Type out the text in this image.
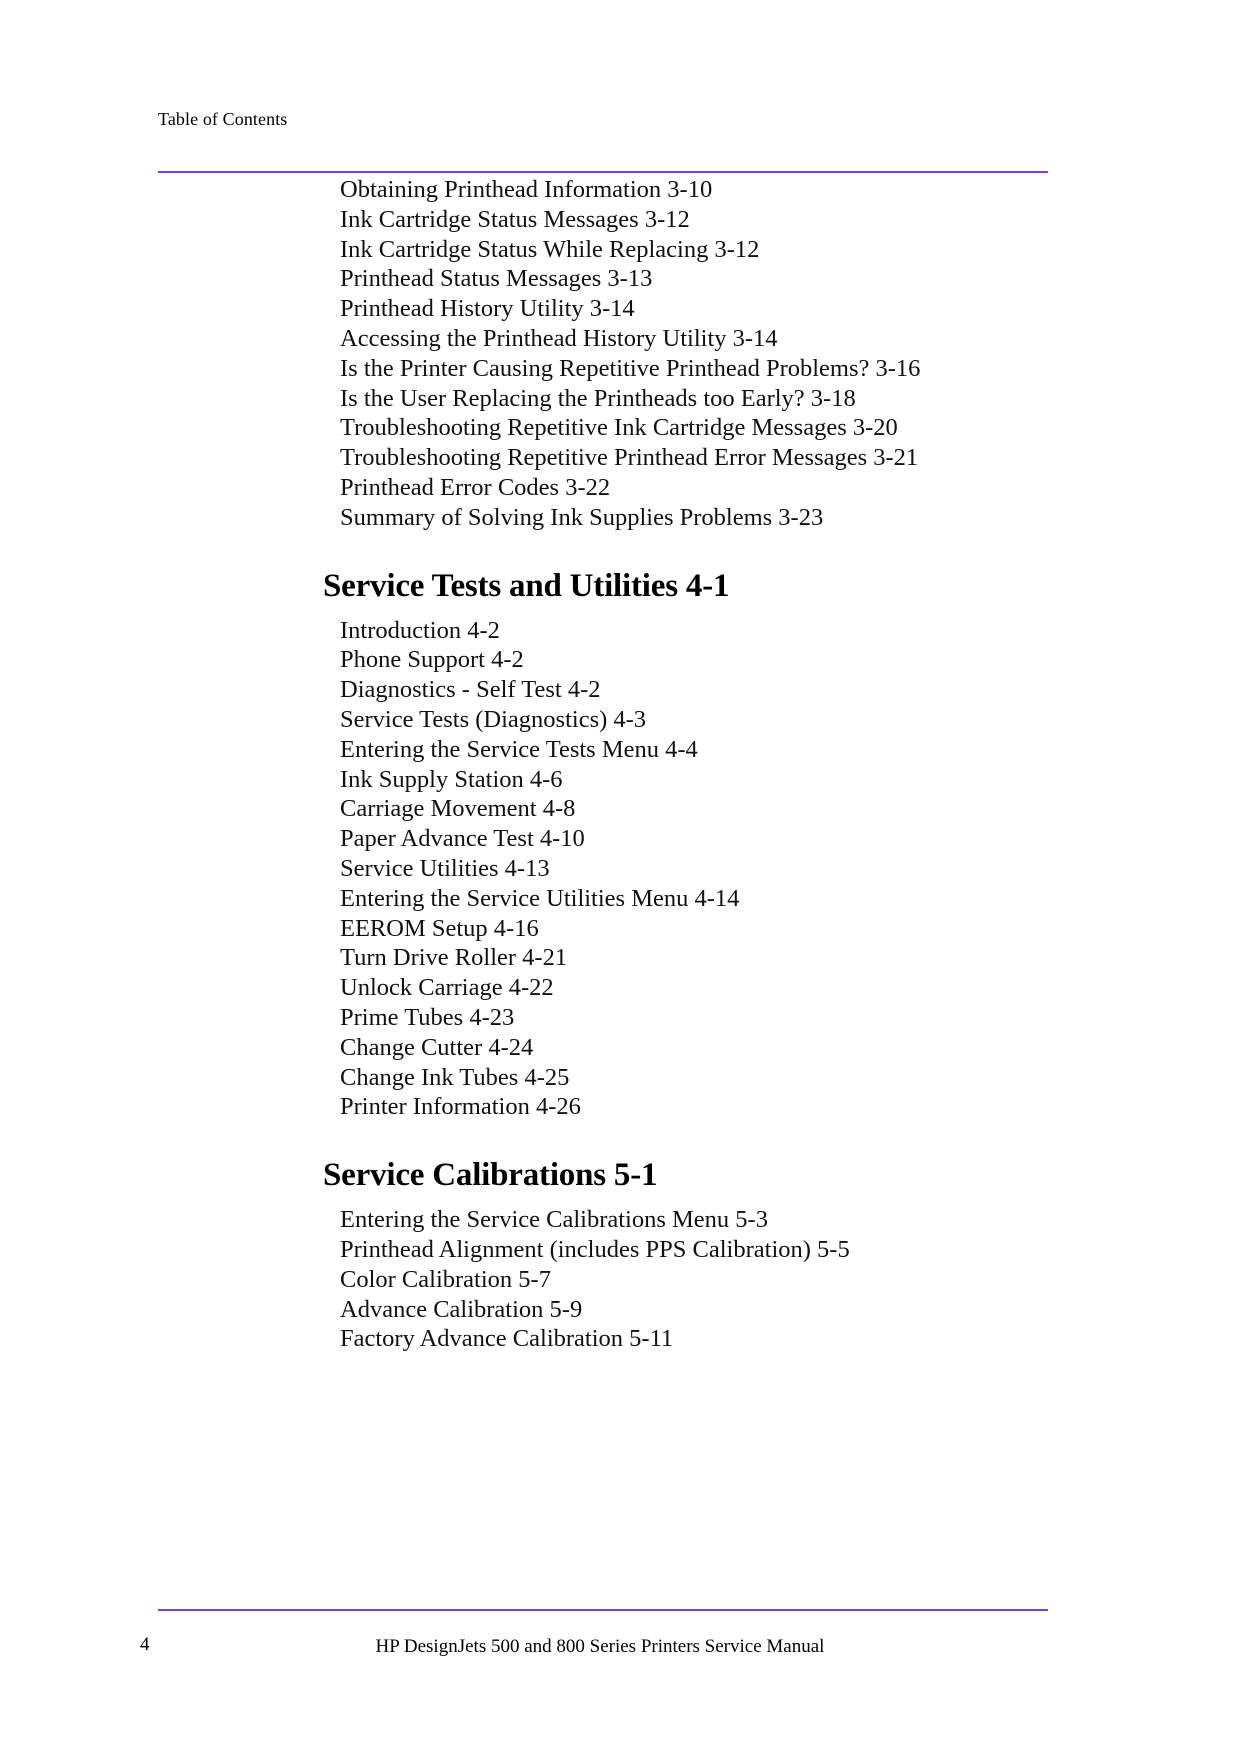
Table of Contents
Obtaining Printhead Information 3-10
Ink Cartridge Status Messages 3-12
Ink Cartridge Status While Replacing 3-12
Printhead Status Messages 3-13
Printhead History Utility 3-14
Accessing the Printhead History Utility 3-14
Is the Printer Causing Repetitive Printhead Problems? 3-16
Is the User Replacing the Printheads too Early? 3-18
Troubleshooting Repetitive Ink Cartridge Messages 3-20
Troubleshooting Repetitive Printhead Error Messages 3-21
Printhead Error Codes 3-22
Summary of Solving Ink Supplies Problems 3-23
Service Tests and Utilities 4-1
Introduction 4-2
Phone Support 4-2
Diagnostics - Self Test 4-2
Service Tests (Diagnostics) 4-3
Entering the Service Tests Menu 4-4
Ink Supply Station 4-6
Carriage Movement 4-8
Paper Advance Test 4-10
Service Utilities 4-13
Entering the Service Utilities Menu 4-14
EEROM Setup 4-16
Turn Drive Roller 4-21
Unlock Carriage 4-22
Prime Tubes 4-23
Change Cutter 4-24
Change Ink Tubes 4-25
Printer Information 4-26
Service Calibrations 5-1
Entering the Service Calibrations Menu 5-3
Printhead Alignment (includes PPS Calibration) 5-5
Color Calibration 5-7
Advance Calibration 5-9
Factory Advance Calibration 5-11
4	HP DesignJets 500 and 800 Series Printers Service Manual
